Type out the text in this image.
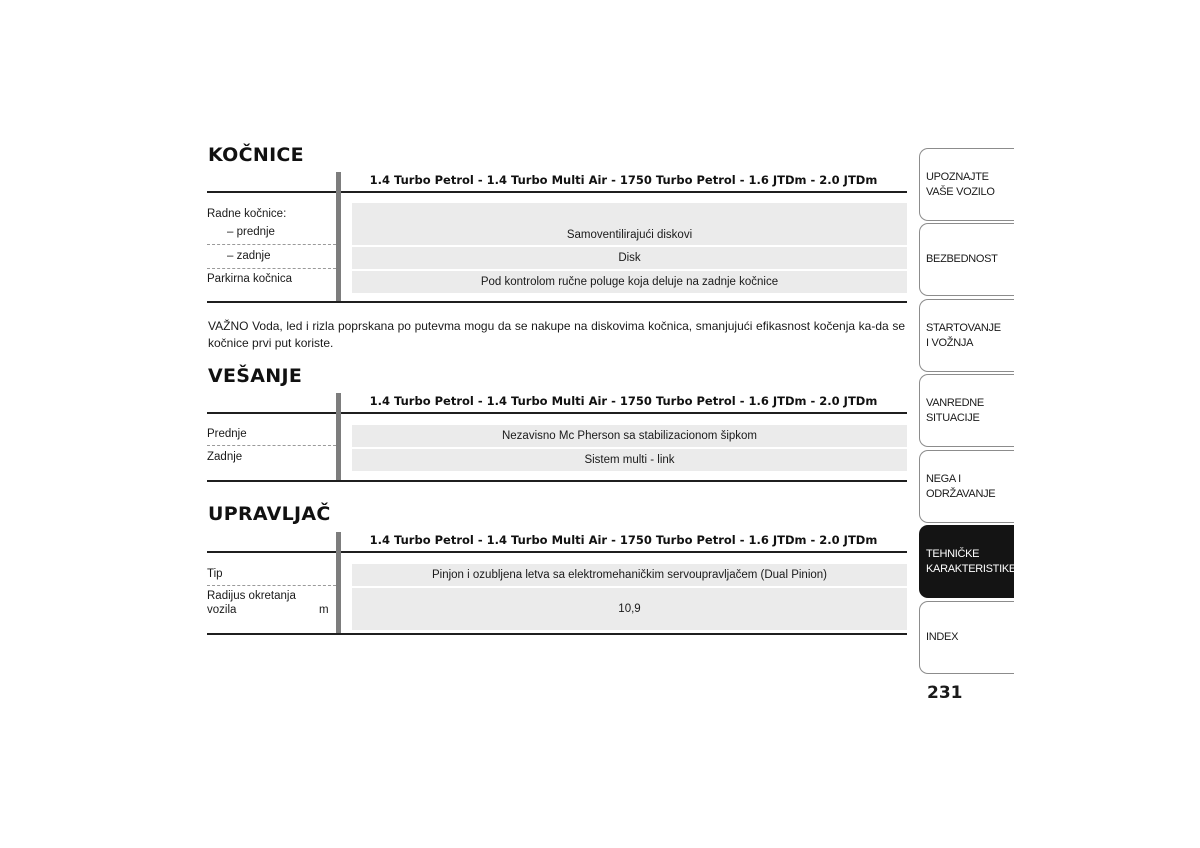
KOČNICE
1.4 Turbo Petrol - 1.4 Turbo Multi Air - 1750 Turbo Petrol - 1.6 JTDm - 2.0 JTDm
Radne kočnice:
– prednje
– zadnje
Parkirna kočnica
Samoventilirajući diskovi
Disk
Pod kontrolom ručne poluge koja deluje na zadnje kočnice
VAŽNO Voda, led i rizla poprskana po putevma mogu da se nakupe na diskovima kočnica, smanjujući efikasnost kočenja ka-da se kočnice prvi put koriste.
VEŠANJE
1.4 Turbo Petrol - 1.4 Turbo Multi Air - 1750 Turbo Petrol - 1.6 JTDm - 2.0 JTDm
Prednje
Zadnje
Nezavisno Mc Pherson sa stabilizacionom šipkom
Sistem multi - link
UPRAVLJAČ
1.4 Turbo Petrol - 1.4 Turbo Multi Air - 1750 Turbo Petrol - 1.6 JTDm - 2.0 JTDm
Tip
Radijus okretanja
vozila	m
Pinjon i ozubljena letva sa elektromehaničkim servoupravljačem (Dual Pinion)
10,9
UPOZNAJTE
VAŠE VOZILO
BEZBEDNOST
STARTOVANJE
I VOŽNJA
VANREDNE
SITUACIJE
NEGA I
ODRŽAVANJE
TEHNIČKE
KARAKTERISTIKE
INDEX
231
